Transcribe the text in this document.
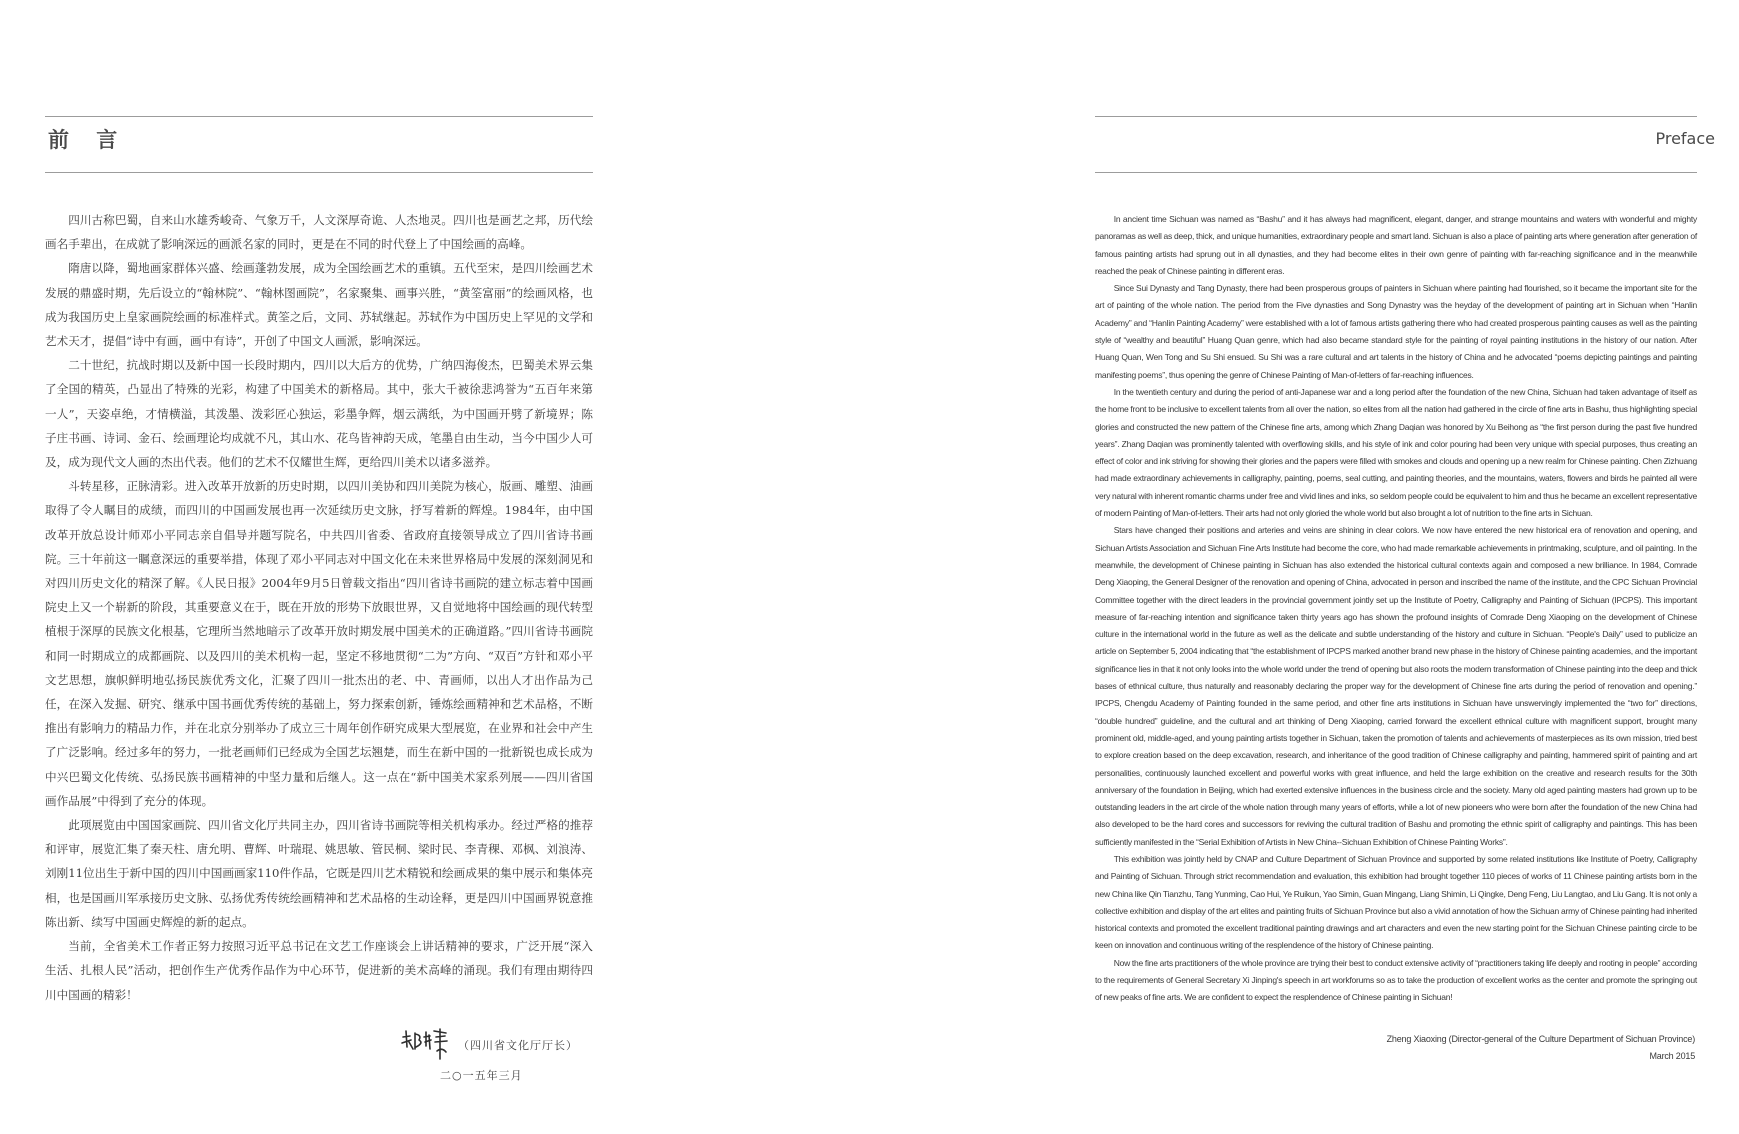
前 言

四川古称巴蜀，自来山水雄秀峻奇、气象万千，人文深厚奇诡、人杰地灵。四川也是画艺之邦，历代绘画名手辈出，在成就了影响深远的画派名家的同时，更是在不同的时代登上了中国绘画的高峰。

隋唐以降，蜀地画家群体兴盛、绘画蓬勃发展，成为全国绘画艺术的重镇。五代至宋，是四川绘画艺术发展的鼎盛时期，先后设立的“翰林院”、“翰林图画院”，名家聚集、画事兴胜，“黄筌富丽”的绘画风格，也成为我国历史上皇家画院绘画的标准样式。黄筌之后，文同、苏轼继起。苏轼作为中国历史上罕见的文学和艺术天才，提倡“诗中有画，画中有诗”，开创了中国文人画派，影响深远。

二十世纪，抗战时期以及新中国一长段时期内，四川以大后方的优势，广纳四海俊杰，巴蜀美术界云集了全国的精英，凸显出了特殊的光彩，构建了中国美术的新格局。其中，张大千被徐悲鸿誉为“五百年来第一人”，天姿卓绝，才情横溢，其泼墨、泼彩匠心独运，彩墨争辉，烟云满纸，为中国画开劈了新境界；陈子庄书画、诗词、金石、绘画理论均成就不凡，其山水、花鸟皆神韵天成，笔墨自由生动，当今中国少人可及，成为现代文人画的杰出代表。他们的艺术不仅耀世生辉，更给四川美术以诸多滋养。

斗转星移，正脉清彩。进入改革开放新的历史时期，以四川美协和四川美院为核心，版画、雕塑、油画取得了令人瞩目的成绩，而四川的中国画发展也再一次延续历史文脉，抒写着新的辉煌。1984年，由中国改革开放总设计师邓小平同志亲自倡导并题写院名，中共四川省委、省政府直接领导成立了四川省诗书画院。三十年前这一瞩意深远的重要举措，体现了邓小平同志对中国文化在未来世界格局中发展的深刻洞见和对四川历史文化的精深了解。《人民日报》2004年9月5日曾载文指出“四川省诗书画院的建立标志着中国画院史上又一个崭新的阶段，其重要意义在于，既在开放的形势下放眼世界，又自觉地将中国绘画的现代转型植根于深厚的民族文化根基，它理所当然地暗示了改革开放时期发展中国美术的正确道路。”四川省诗书画院和同一时期成立的成都画院、以及四川的美术机构一起，坚定不移地贯彻“二为”方向、“双百”方针和邓小平文艺思想，旗帜鲜明地弘扬民族优秀文化，汇聚了四川一批杰出的老、中、青画师，以出人才出作品为己任，在深入发掘、研究、继承中国书画优秀传统的基础上，努力探索创新，锤炼绘画精神和艺术品格，不断推出有影响力的精品力作，并在北京分别举办了成立三十周年创作研究成果大型展览，在业界和社会中产生了广泛影响。经过多年的努力，一批老画师们已经成为全国艺坛翘楚，而生在新中国的一批新锐也成长成为中兴巴蜀文化传统、弘扬民族书画精神的中坚力量和后继人。这一点在“新中国美术家系列展——四川省国画作品展”中得到了充分的体现。

此项展览由中国国家画院、四川省文化厅共同主办，四川省诗书画院等相关机构承办。经过严格的推荐和评审，展览汇集了秦天柱、唐允明、曹辉、叶瑞琨、姚思敏、管民桐、梁时民、李青稞、邓枫、刘浪涛、刘刚11位出生于新中国的四川中国画画家110件作品，它既是四川艺术精锐和绘画成果的集中展示和集体亮相，也是国画川军承接历史文脉、弘扬优秀传统绘画精神和艺术品格的生动诠释，更是四川中国画界锐意推陈出新、续写中国画史辉煌的新的起点。

当前，全省美术工作者正努力按照习近平总书记在文艺工作座谈会上讲话精神的要求，广泛开展“深入生活、扎根人民”活动，把创作生产优秀作品作为中心环节，促进新的美术高峰的涌现。我们有理由期待四川中国画的精彩！

（四川省文化厅厅长）
二○一五年三月
Preface

In ancient time Sichuan was named as “Bashu” and it has always had magnificent, elegant, danger, and strange mountains and waters with wonderful and mighty panoramas as well as deep, thick, and unique humanities, extraordinary people and smart land. Sichuan is also a place of painting arts where generation after generation of famous painting artists had sprung out in all dynasties, and they had become elites in their own genre of painting with far-reaching significance and in the meanwhile reached the peak of Chinese painting in different eras.

Since Sui Dynasty and Tang Dynasty, there had been prosperous groups of painters in Sichuan where painting had flourished, so it became the important site for the art of painting of the whole nation. The period from the Five dynasties and Song Dynastry was the heyday of the development of painting art in Sichuan when “Hanlin Academy” and “Hanlin Painting Academy” were established with a lot of famous artists gathering there who had created prosperous painting causes as well as the painting style of “wealthy and beautiful” Huang Quan genre, which had also became standard style for the painting of royal painting institutions in the history of our nation. After Huang Quan, Wen Tong and Su Shi ensued. Su Shi was a rare cultural and art talents in the history of China and he advocated “poems depicting paintings and painting manifesting poems”, thus opening the genre of Chinese Painting of Man-of-letters of far-reaching influences.

In the twentieth century and during the period of anti-Japanese war and a long period after the foundation of the new China, Sichuan had taken advantage of itself as the home front to be inclusive to excellent talents from all over the nation, so elites from all the nation had gathered in the circle of fine arts in Bashu, thus highlighting special glories and constructed the new pattern of the Chinese fine arts, among which Zhang Daqian was honored by Xu Beihong as “the first person during the past five hundred years”. Zhang Daqian was prominently talented with overflowing skills, and his style of ink and color pouring had been very unique with special purposes, thus creating an effect of color and ink striving for showing their glories and the papers were filled with smokes and clouds and opening up a new realm for Chinese painting. Chen Zizhuang had made extraordinary achievements in calligraphy, painting, poems, seal cutting, and painting theories, and the mountains, waters, flowers and birds he painted all were very natural with inherent romantic charms under free and vivid lines and inks, so seldom people could be equivalent to him and thus he became an excellent representative of modern Painting of Man-of-letters. Their arts had not only gloried the whole world but also brought a lot of nutrition to the fine arts in Sichuan.

Stars have changed their positions and arteries and veins are shining in clear colors. We now have entered the new historical era of renovation and opening, and Sichuan Artists Association and Sichuan Fine Arts Institute had become the core, who had made remarkable achievements in printmaking, sculpture, and oil painting. In the meanwhile, the development of Chinese painting in Sichuan has also extended the historical cultural contexts again and composed a new brilliance. In 1984, Comrade Deng Xiaoping, the General Designer of the renovation and opening of China, advocated in person and inscribed the name of the institute, and the CPC Sichuan Provincial Committee together with the direct leaders in the provincial government jointly set up the Institute of Poetry, Calligraphy and Painting of Sichuan (IPCPS). This important measure of far-reaching intention and significance taken thirty years ago has shown the profound insights of Comrade Deng Xiaoping on the development of Chinese culture in the international world in the future as well as the delicate and subtle understanding of the history and culture in Sichuan. “People's Daily” used to publicize an article on September 5, 2004 indicating that “the establishment of IPCPS marked another brand new phase in the history of Chinese painting academies, and the important significance lies in that it not only looks into the whole world under the trend of opening but also roots the modern transformation of Chinese painting into the deep and thick bases of ethnical culture, thus naturally and reasonably declaring the proper way for the development of Chinese fine arts during the period of renovation and opening.” IPCPS, Chengdu Academy of Painting founded in the same period, and other fine arts institutions in Sichuan have unswervingly implemented the “two for” directions, “double hundred” guideline, and the cultural and art thinking of Deng Xiaoping, carried forward the excellent ethnical culture with magnificent support, brought many prominent old, middle-aged, and young painting artists together in Sichuan, taken the promotion of talents and achievements of masterpieces as its own mission, tried best to explore creation based on the deep excavation, research, and inheritance of the good tradition of Chinese calligraphy and painting, hammered spirit of painting and art personalities, continuously launched excellent and powerful works with great influence, and held the large exhibition on the creative and research results for the 30th anniversary of the foundation in Beijing, which had exerted extensive influences in the business circle and the society. Many old aged painting masters had grown up to be outstanding leaders in the art circle of the whole nation through many years of efforts, while a lot of new pioneers who were born after the foundation of the new China had also developed to be the hard cores and successors for reviving the cultural tradition of Bashu and promoting the ethnic spirit of calligraphy and paintings. This has been sufficiently manifested in the “Serial Exhibition of Artists in New China--Sichuan Exhibition of Chinese Painting Works”.

This exhibition was jointly held by CNAP and Culture Department of Sichuan Province and supported by some related institutions like Institute of Poetry, Calligraphy and Painting of Sichuan. Through strict recommendation and evaluation, this exhibition had brought together 110 pieces of works of 11 Chinese painting artists born in the new China like Qin Tianzhu, Tang Yunming, Cao Hui, Ye Ruikun, Yao Simin, Guan Mingang, Liang Shimin, Li Qingke, Deng Feng, Liu Langtao, and Liu Gang. It is not only a collective exhibition and display of the art elites and painting fruits of Sichuan Province but also a vivid annotation of how the Sichuan army of Chinese painting had inherited historical contexts and promoted the excellent traditional painting drawings and art characters and even the new starting point for the Sichuan Chinese painting circle to be keen on innovation and continuous writing of the resplendence of the history of Chinese painting.

Now the fine arts practitioners of the whole province are trying their best to conduct extensive activity of “practitioners taking life deeply and rooting in people” according to the requirements of General Secretary Xi Jinping's speech in art workforums so as to take the production of excellent works as the center and promote the springing out of new peaks of fine arts. We are confident to expect the resplendence of Chinese painting in Sichuan!

Zheng Xiaoxing (Director-general of the Culture Department of Sichuan Province)
March 2015
